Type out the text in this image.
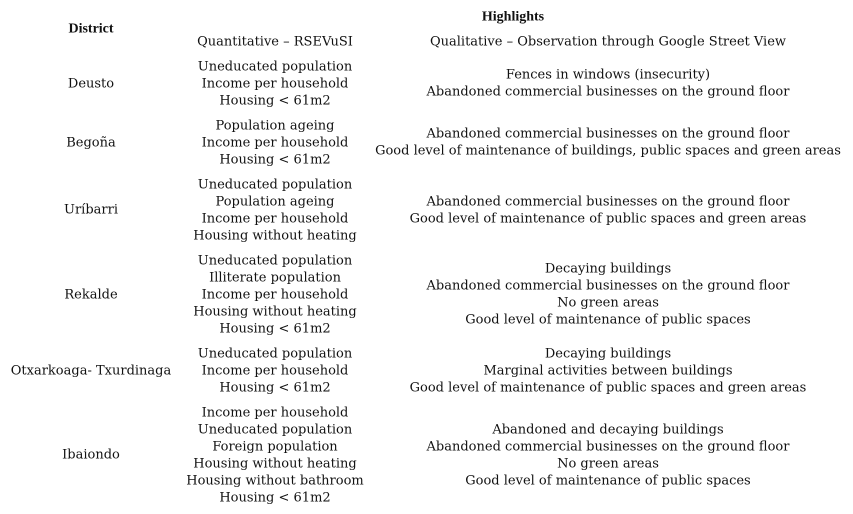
District
Highlights
Quantitative – RSEVuSI	Qualitative – Observation through Google Street View
Deusto
Uneducated population
Income per household
Housing < 61m2
Fences in windows (insecurity)
Abandoned commercial businesses on the ground floor
Begoña
Population ageing
Income per household
Housing < 61m2
Abandoned commercial businesses on the ground floor
Good level of maintenance of buildings, public spaces and green areas
Uríbarri
Uneducated population
Population ageing
Income per household
Housing without heating
Abandoned commercial businesses on the ground floor
Good level of maintenance of public spaces and green areas
Rekalde
Uneducated population
Illiterate population
Income per household
Housing without heating
Housing < 61m2
Decaying buildings
Abandoned commercial businesses on the ground floor
No green areas
Good level of maintenance of public spaces
Otxarkoaga- Txurdinaga
Uneducated population
Income per household
Housing < 61m2
Decaying buildings
Marginal activities between buildings
Good level of maintenance of public spaces and green areas
Ibaiondo
Income per household
Uneducated population
Foreign population
Housing without heating
Housing without bathroom
Housing < 61m2
Abandoned and decaying buildings
Abandoned commercial businesses on the ground floor
No green areas
Good level of maintenance of public spaces
